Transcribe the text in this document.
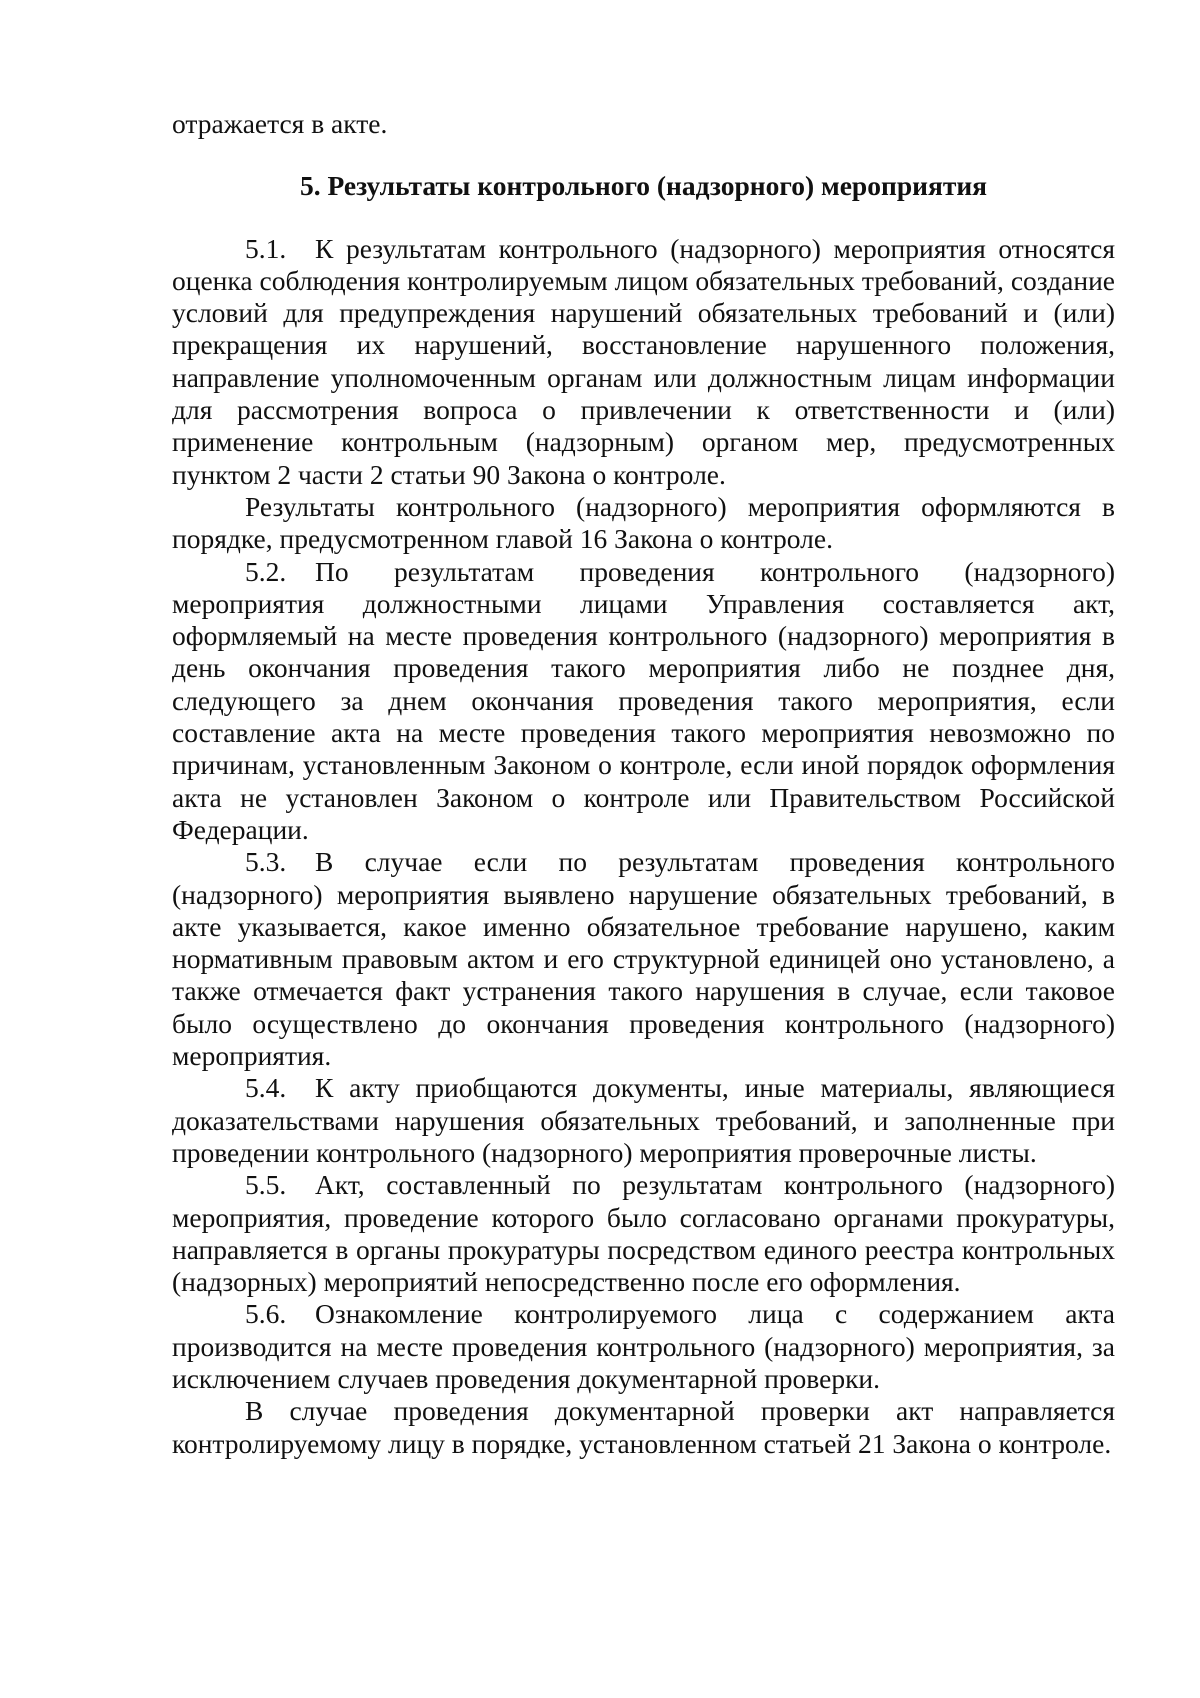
отражается в акте.

5. Результаты контрольного (надзорного) мероприятия

5.1. К результатам контрольного (надзорного) мероприятия относятся оценка соблюдения контролируемым лицом обязательных требований, создание условий для предупреждения нарушений обязательных требований и (или) прекращения их нарушений, восстановление нарушенного положения, направление уполномоченным органам или должностным лицам информации для рассмотрения вопроса о привлечении к ответственности и (или) применение контрольным (надзорным) органом мер, предусмотренных пунктом 2 части 2 статьи 90 Закона о контроле.

Результаты контрольного (надзорного) мероприятия оформляются в порядке, предусмотренном главой 16 Закона о контроле.

5.2. По результатам проведения контрольного (надзорного) мероприятия должностными лицами Управления составляется акт, оформляемый на месте проведения контрольного (надзорного) мероприятия в день окончания проведения такого мероприятия либо не позднее дня, следующего за днем окончания проведения такого мероприятия, если составление акта на месте проведения такого мероприятия невозможно по причинам, установленным Законом о контроле, если иной порядок оформления акта не установлен Законом о контроле или Правительством Российской Федерации.

5.3. В случае если по результатам проведения контрольного (надзорного) мероприятия выявлено нарушение обязательных требований, в акте указывается, какое именно обязательное требование нарушено, каким нормативным правовым актом и его структурной единицей оно установлено, а также отмечается факт устранения такого нарушения в случае, если таковое было осуществлено до окончания проведения контрольного (надзорного) мероприятия.

5.4. К акту приобщаются документы, иные материалы, являющиеся доказательствами нарушения обязательных требований, и заполненные при проведении контрольного (надзорного) мероприятия проверочные листы.

5.5. Акт, составленный по результатам контрольного (надзорного) мероприятия, проведение которого было согласовано органами прокуратуры, направляется в органы прокуратуры посредством единого реестра контрольных (надзорных) мероприятий непосредственно после его оформления.

5.6. Ознакомление контролируемого лица с содержанием акта производится на месте проведения контрольного (надзорного) мероприятия, за исключением случаев проведения документарной проверки.

В случае проведения документарной проверки акт направляется контролируемому лицу в порядке, установленном статьей 21 Закона о контроле.
